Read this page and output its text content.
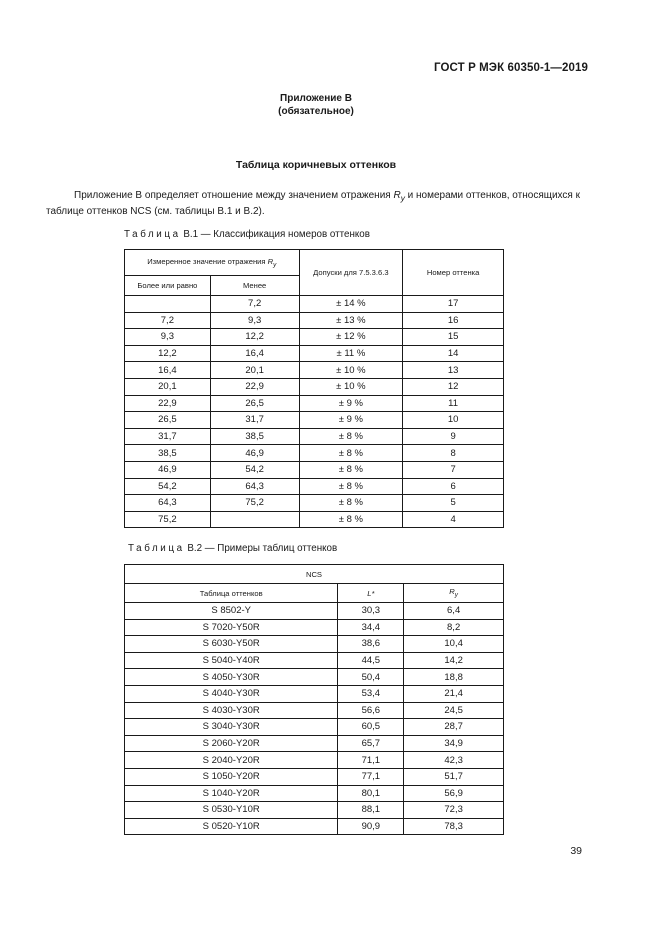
ГОСТ Р МЭК 60350-1—2019
Приложение В
(обязательное)
Таблица коричневых оттенков
Приложение В определяет отношение между значением отражения $R_y$ и номерами оттенков, относящихся к таблице оттенков NCS (см. таблицы В.1 и В.2).
Таблица В.1 — Классификация номеров оттенков
Измеренное значение отражения $R_y$		Допуски для 7.5.3.6.3	Номер оттенка
Более или равно	Менее		
	7,2	± 14 %	17
7,2	9,3	± 13 %	16
9,3	12,2	± 12 %	15
12,2	16,4	± 11 %	14
16,4	20,1	± 10 %	13
20,1	22,9	± 10 %	12
22,9	26,5	± 9 %	11
26,5	31,7	± 9 %	10
31,7	38,5	± 8 %	9
38,5	46,9	± 8 %	8
46,9	54,2	± 8 %	7
54,2	64,3	± 8 %	6
64,3	75,2	± 8 %	5
75,2		± 8 %	4
Таблица В.2 — Примеры таблиц оттенков
NCS		
Таблица оттенков	L*	$R_y$
S 8502-Y	30,3	6,4
S 7020-Y50R	34,4	8,2
S 6030-Y50R	38,6	10,4
S 5040-Y40R	44,5	14,2
S 4050-Y30R	50,4	18,8
S 4040-Y30R	53,4	21,4
S 4030-Y30R	56,6	24,5
S 3040-Y30R	60,5	28,7
S 2060-Y20R	65,7	34,9
S 2040-Y20R	71,1	42,3
S 1050-Y20R	77,1	51,7
S 1040-Y20R	80,1	56,9
S 0530-Y10R	88,1	72,3
S 0520-Y10R	90,9	78,3
39
